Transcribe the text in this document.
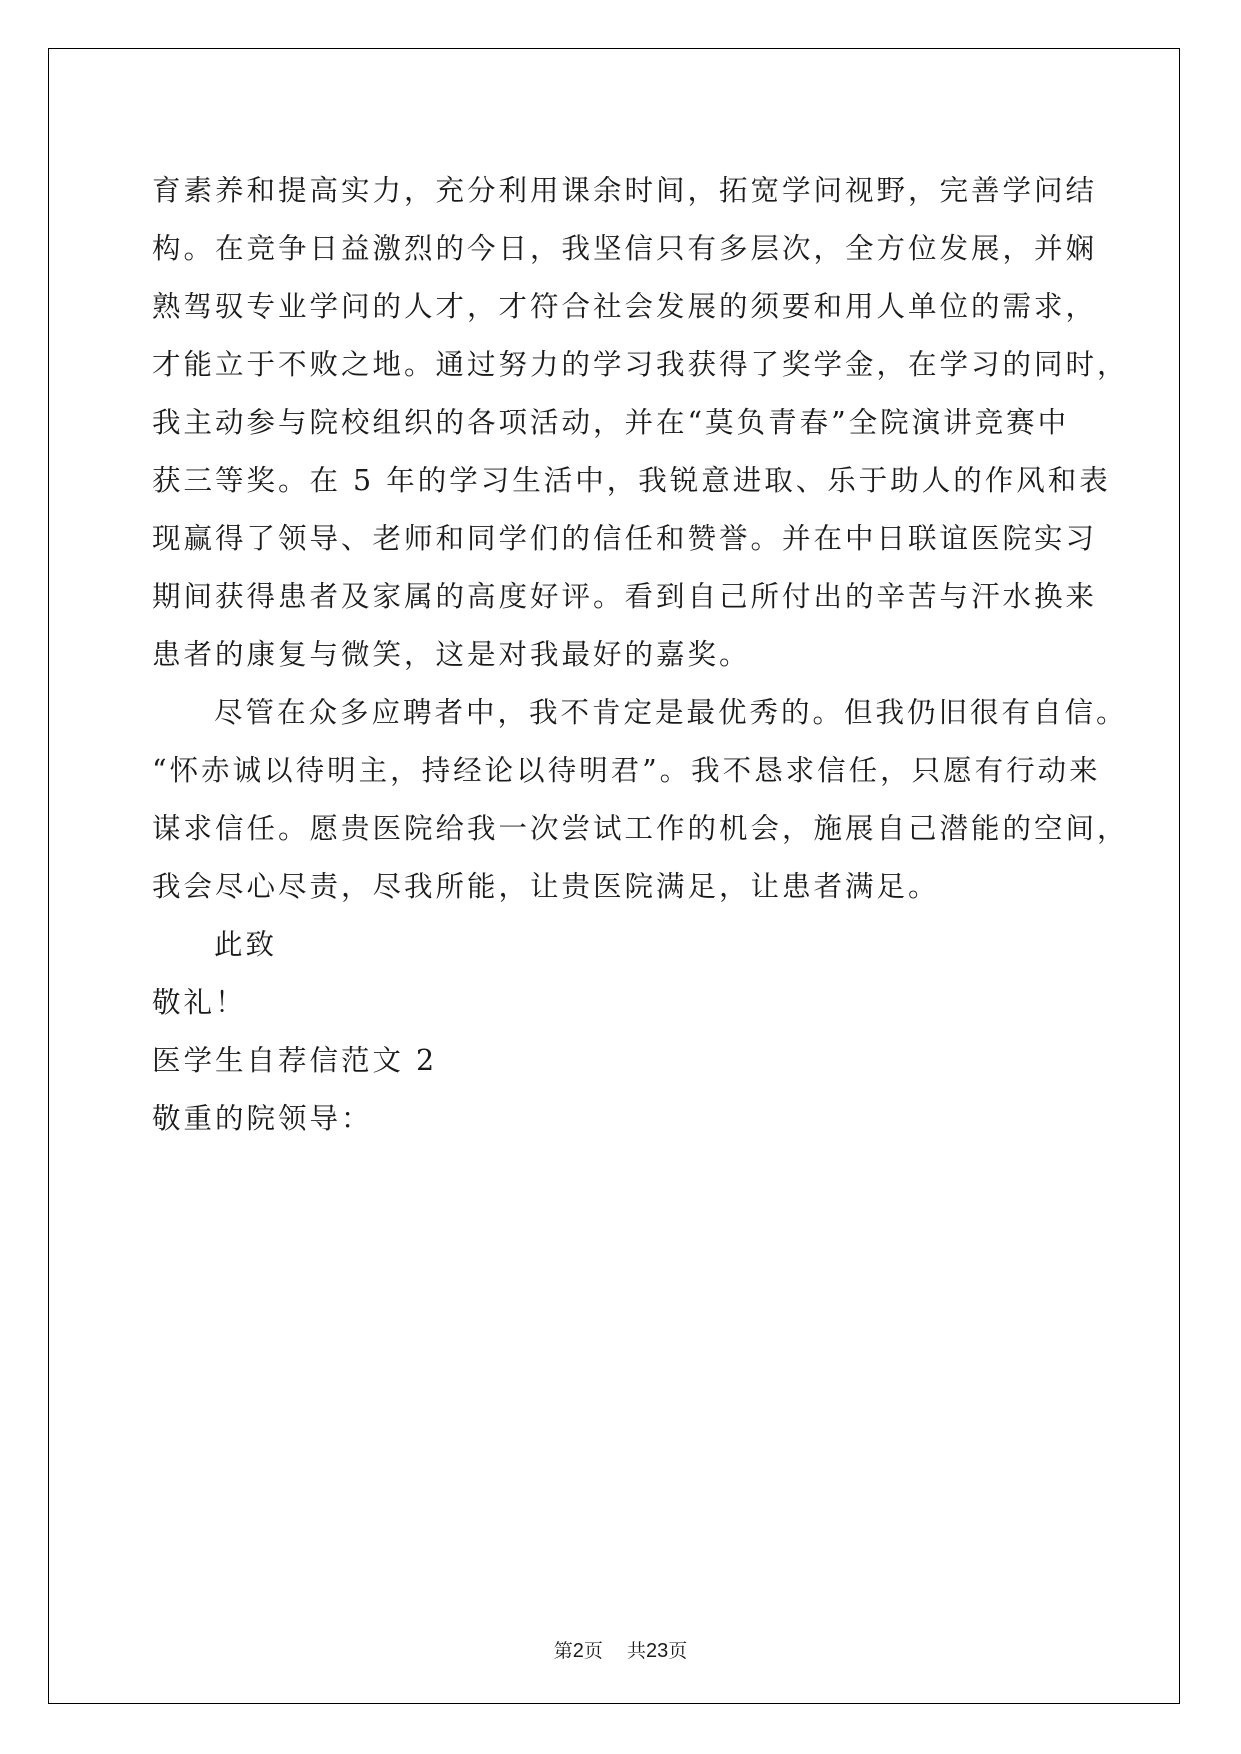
育素养和提高实力，充分利用课余时间，拓宽学问视野，完善学问结
构。在竞争日益激烈的今日，我坚信只有多层次，全方位发展，并娴
熟驾驭专业学问的人才，才符合社会发展的须要和用人单位的需求，
才能立于不败之地。通过努力的学习我获得了奖学金，在学习的同时，
我主动参与院校组织的各项活动，并在“莫负青春”全院演讲竞赛中
获三等奖。在 5 年的学习生活中，我锐意进取、乐于助人的作风和表
现赢得了领导、老师和同学们的信任和赞誉。并在中日联谊医院实习
期间获得患者及家属的高度好评。看到自己所付出的辛苦与汗水换来
患者的康复与微笑，这是对我最好的嘉奖。
尽管在众多应聘者中，我不肯定是最优秀的。但我仍旧很有自信。
“怀赤诚以待明主，持经论以待明君”。我不恳求信任，只愿有行动来
谋求信任。愿贵医院给我一次尝试工作的机会，施展自己潜能的空间，
我会尽心尽责，尽我所能，让贵医院满足，让患者满足。
此致
敬礼！
医学生自荐信范文 2
敬重的院领导：
第2页 共23页
